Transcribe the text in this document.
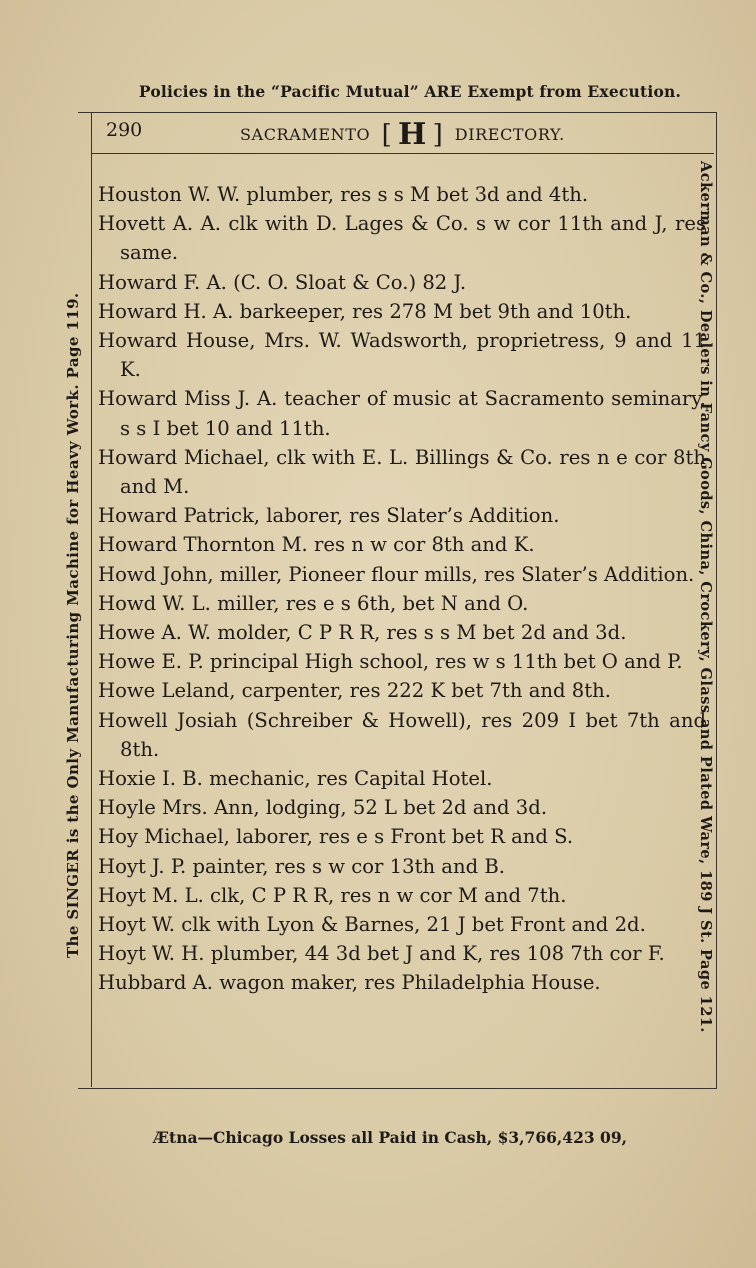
Policies in the “Pacific Mutual” ARE Exempt from Execution.
290	SACRAMENTO [ H ] DIRECTORY.
Houston W. W. plumber, res s s M bet 3d and 4th.
Hovett A. A. clk with D. Lages & Co. s w cor 11th and J, res same.
Howard F. A. (C. O. Sloat & Co.) 82 J.
Howard H. A. barkeeper, res 278 M bet 9th and 10th.
Howard House, Mrs. W. Wadsworth, proprietress, 9 and 11 K.
Howard Miss J. A. teacher of music at Sacramento seminary, s s I bet 10 and 11th.
Howard Michael, clk with E. L. Billings & Co. res n e cor 8th and M.
Howard Patrick, laborer, res Slater’s Addition.
Howard Thornton M. res n w cor 8th and K.
Howd John, miller, Pioneer flour mills, res Slater’s Addition.
Howd W. L. miller, res e s 6th, bet N and O.
Howe A. W. molder, C P R R, res s s M bet 2d and 3d.
Howe E. P. principal High school, res w s 11th bet O and P.
Howe Leland, carpenter, res 222 K bet 7th and 8th.
Howell Josiah (Schreiber & Howell), res 209 I bet 7th and 8th.
Hoxie I. B. mechanic, res Capital Hotel.
Hoyle Mrs. Ann, lodging, 52 L bet 2d and 3d.
Hoy Michael, laborer, res e s Front bet R and S.
Hoyt J. P. painter, res s w cor 13th and B.
Hoyt M. L. clk, C P R R, res n w cor M and 7th.
Hoyt W. clk with Lyon & Barnes, 21 J bet Front and 2d.
Hoyt W. H. plumber, 44 3d bet J and K, res 108 7th cor F.
Hubbard A. wagon maker, res Philadelphia House.
The SINGER is the Only Manufacturing Machine for Heavy Work. Page 119.	Ackerman & Co., Dealers in Fancy Goods, China, Crockery, Glass and Plated Ware, 189 J St. Page 121.
Ætna—Chicago Losses all Paid in Cash, $3,766,423 09,
